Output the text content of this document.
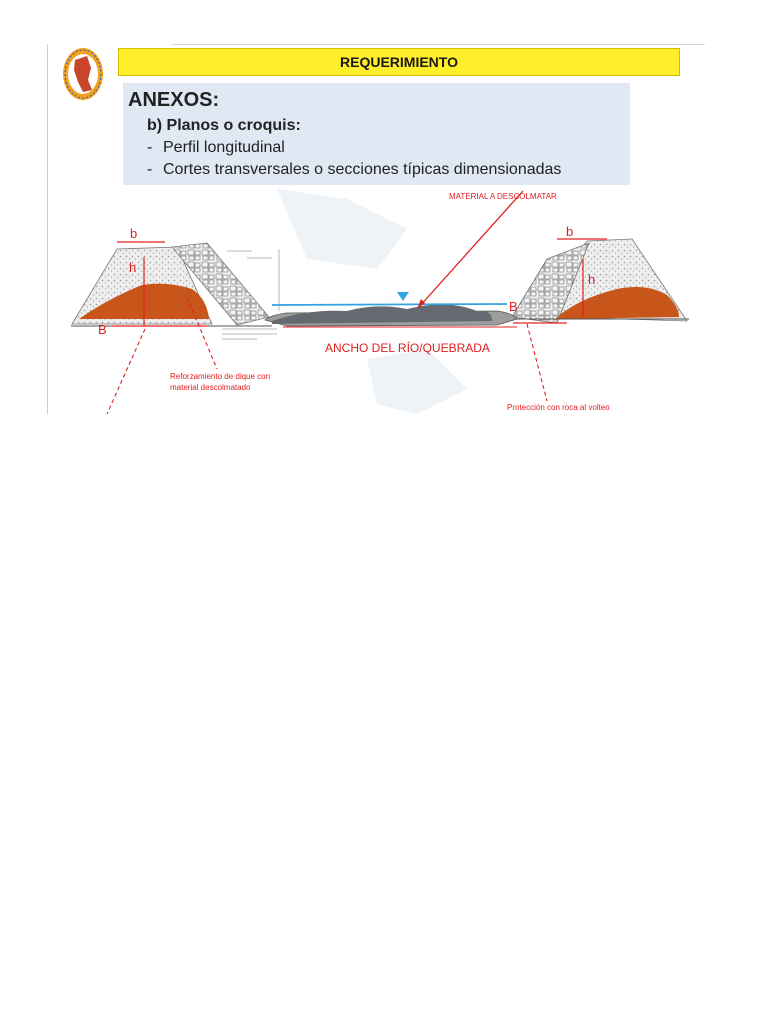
REQUERIMIENTO
ANEXOS:
b) Planos o croquis:
- Perfil longitudinal
- Cortes transversales o secciones típicas dimensionadas
b
h
B
b
h
B
MATERIAL A DESCOLMATAR
ANCHO DEL RÍO/QUEBRADA
Reforzamiento de dique con
material descolmatado
Protección con roca al volteo
